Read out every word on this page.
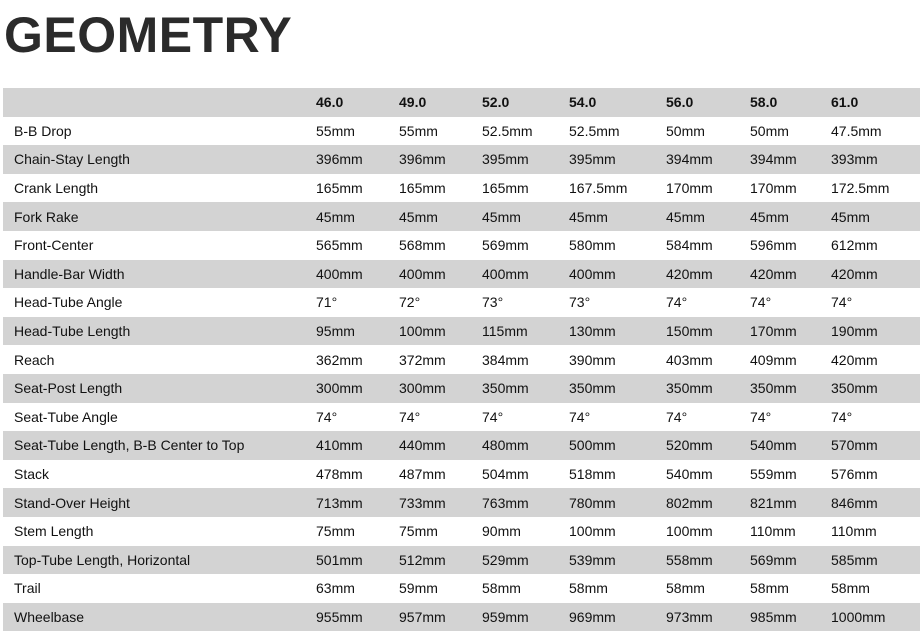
GEOMETRY
	46.0	49.0	52.0	54.0	56.0	58.0	61.0
B-B Drop	55mm	55mm	52.5mm	52.5mm	50mm	50mm	47.5mm
Chain-Stay Length	396mm	396mm	395mm	395mm	394mm	394mm	393mm
Crank Length	165mm	165mm	165mm	167.5mm	170mm	170mm	172.5mm
Fork Rake	45mm	45mm	45mm	45mm	45mm	45mm	45mm
Front-Center	565mm	568mm	569mm	580mm	584mm	596mm	612mm
Handle-Bar Width	400mm	400mm	400mm	400mm	420mm	420mm	420mm
Head-Tube Angle	71°	72°	73°	73°	74°	74°	74°
Head-Tube Length	95mm	100mm	115mm	130mm	150mm	170mm	190mm
Reach	362mm	372mm	384mm	390mm	403mm	409mm	420mm
Seat-Post Length	300mm	300mm	350mm	350mm	350mm	350mm	350mm
Seat-Tube Angle	74°	74°	74°	74°	74°	74°	74°
Seat-Tube Length, B-B Center to Top	410mm	440mm	480mm	500mm	520mm	540mm	570mm
Stack	478mm	487mm	504mm	518mm	540mm	559mm	576mm
Stand-Over Height	713mm	733mm	763mm	780mm	802mm	821mm	846mm
Stem Length	75mm	75mm	90mm	100mm	100mm	110mm	110mm
Top-Tube Length, Horizontal	501mm	512mm	529mm	539mm	558mm	569mm	585mm
Trail	63mm	59mm	58mm	58mm	58mm	58mm	58mm
Wheelbase	955mm	957mm	959mm	969mm	973mm	985mm	1000mm
